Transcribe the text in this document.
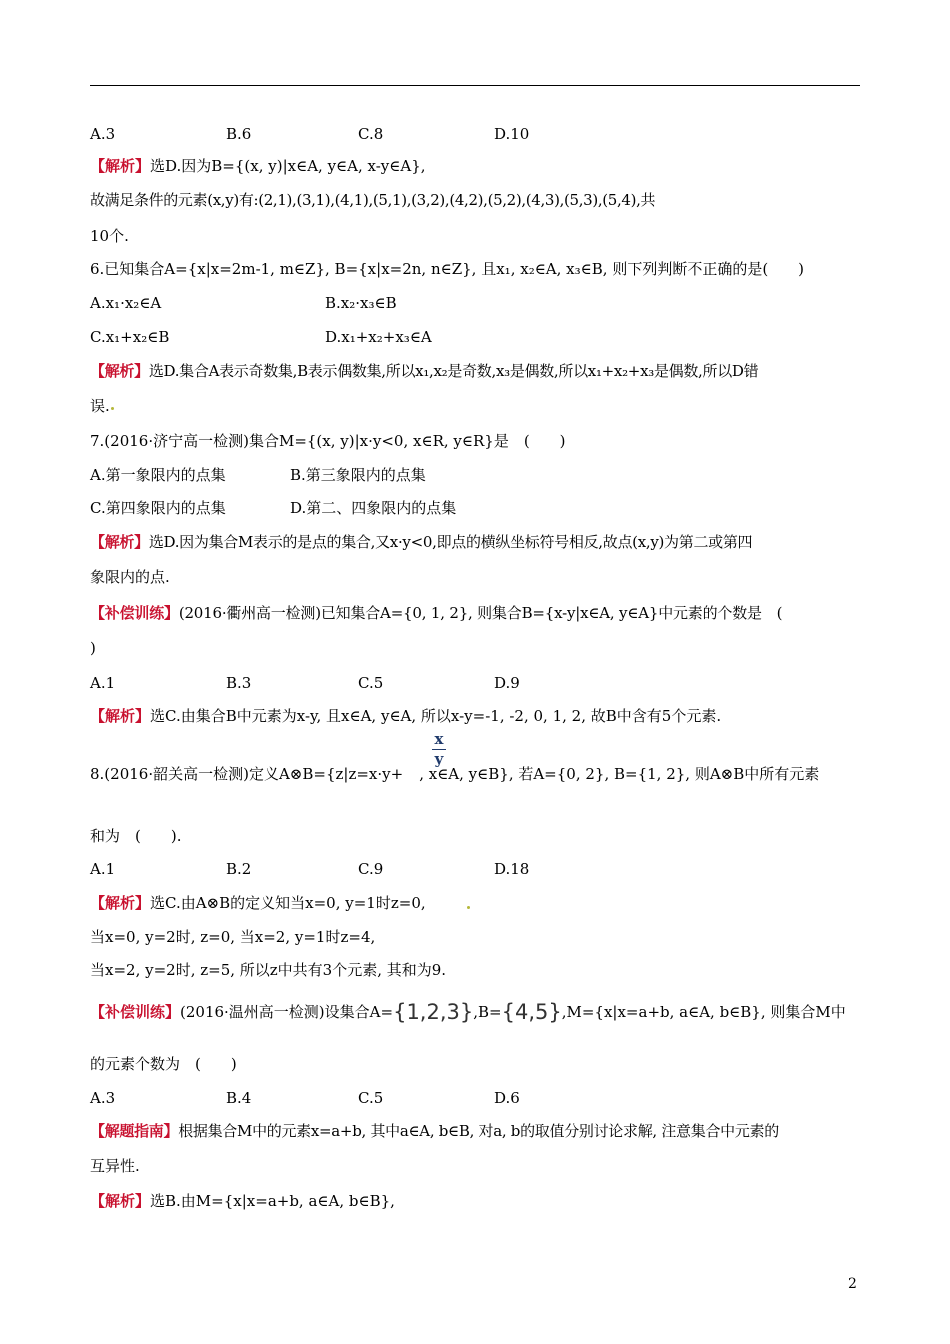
A.3	B.6	C.8	D.10
【解析】选D.因为B={(x, y)|x∈A, y∈A, x-y∈A},
故满足条件的元素(x,y)有:(2,1),(3,1),(4,1),(5,1),(3,2),(4,2),(5,2),(4,3),(5,3),(5,4),共
10个.
6.已知集合A={x|x=2m-1, m∈Z}, B={x|x=2n, n∈Z}, 且x₁, x₂∈A, x₃∈B, 则下列判断不正确的是(　　)
A.x₁·x₂∈A	B.x₂·x₃∈B
C.x₁+x₂∈B	D.x₁+x₂+x₃∈A
【解析】选D.集合A表示奇数集,B表示偶数集,所以x₁,x₂是奇数,x₃是偶数,所以x₁+x₂+x₃是偶数,所以D错
误.
7.(2016·济宁高一检测)集合M={(x, y)|x·y<0, x∈R, y∈R}是　(　　)
A.第一象限内的点集	B.第三象限内的点集
C.第四象限内的点集	D.第二、四象限内的点集
【解析】选D.因为集合M表示的是点的集合,又x·y<0,即点的横纵坐标符号相反,故点(x,y)为第二或第四
象限内的点.
【补偿训练】(2016·衢州高一检测)已知集合A={0, 1, 2}, 则集合B={x-y|x∈A, y∈A}中元素的个数是　(
)
A.1	B.3	C.5	D.9
【解析】选C.由集合B中元素为x-y, 且x∈A, y∈A, 所以x-y=-1, -2, 0, 1, 2, 故B中含有5个元素.
x
y
8.(2016·韶关高一检测)定义A⊗B={z|z=x·y+ , x∈A, y∈B}, 若A={0, 2}, B={1, 2}, 则A⊗B中所有元素
和为　(　　).
A.1	B.2	C.9	D.18
【解析】选C.由A⊗B的定义知当x=0, y=1时z=0,
当x=0, y=2时, z=0, 当x=2, y=1时z=4,
当x=2, y=2时, z=5, 所以z中共有3个元素, 其和为9.
【补偿训练】(2016·温州高一检测)设集合A={1,2,3},B={4,5},M={x|x=a+b, a∈A, b∈B}, 则集合M中
的元素个数为　(　　)
A.3	B.4	C.5	D.6
【解题指南】根据集合M中的元素x=a+b, 其中a∈A, b∈B, 对a, b的取值分别讨论求解, 注意集合中元素的
互异性.
【解析】选B.由M={x|x=a+b, a∈A, b∈B},
2
